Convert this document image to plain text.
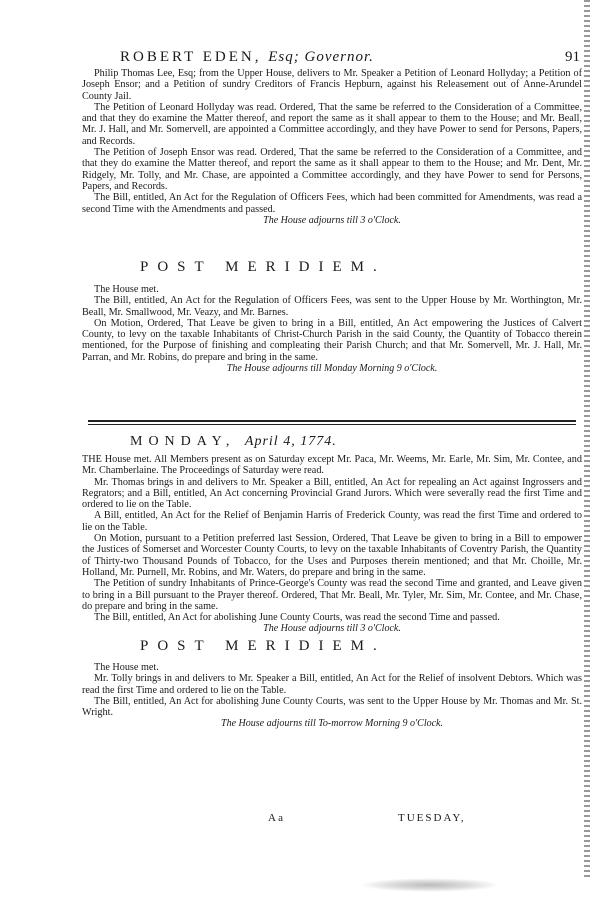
ROBERT EDEN, Esq; Governor.	91

Philip Thomas Lee, Esq; from the Upper House, delivers to Mr. Speaker a Petition of Leonard Hollyday; a Petition of Joseph Ensor; and a Petition of sundry Creditors of Francis Hepburn, against his Releasement out of Anne-Arundel County Jail.

The Petition of Leonard Hollyday was read. Ordered, That the same be referred to the Consideration of a Committee, and that they do examine the Matter thereof, and report the same as it shall appear to them to the House; and Mr. Beall, Mr. J. Hall, and Mr. Somervell, are appointed a Committee accordingly, and they have Power to send for Persons, Papers, and Records.

The Petition of Joseph Ensor was read. Ordered, That the same be referred to the Consideration of a Committee, and that they do examine the Matter thereof, and report the same as it shall appear to them to the House; and Mr. Dent, Mr. Ridgely, Mr. Tolly, and Mr. Chase, are appointed a Committee accordingly, and they have Power to send for Persons, Papers, and Records.

The Bill, entitled, An Act for the Regulation of Officers Fees, which had been committed for Amendments, was read a second Time with the Amendments and passed.

The House adjourns till 3 o'Clock.
POST MERIDIEM.

The House met.

The Bill, entitled, An Act for the Regulation of Officers Fees, was sent to the Upper House by Mr. Worthington, Mr. Beall, Mr. Smallwood, Mr. Veazy, and Mr. Barnes.

On Motion, Ordered, That Leave be given to bring in a Bill, entitled, An Act empowering the Justices of Calvert County, to levy on the taxable Inhabitants of Christ-Church Parish in the said County, the Quantity of Tobacco therein mentioned, for the Purpose of finishing and compleating their Parish Church; and that Mr. Somervell, Mr. J. Hall, Mr. Parran, and Mr. Robins, do prepare and bring in the same.

The House adjourns till Monday Morning 9 o'Clock.
MONDAY, April 4, 1774.

THE House met. All Members present as on Saturday except Mr. Paca, Mr. Weems, Mr. Earle, Mr. Sim, Mr. Contee, and Mr. Chamberlaine. The Proceedings of Saturday were read.

Mr. Thomas brings in and delivers to Mr. Speaker a Bill, entitled, An Act for repealing an Act against Ingrossers and Regrators; and a Bill, entitled, An Act concerning Provincial Grand Jurors. Which were severally read the first Time and ordered to lie on the Table.

A Bill, entitled, An Act for the Relief of Benjamin Harris of Frederick County, was read the first Time and ordered to lie on the Table.

On Motion, pursuant to a Petition preferred last Session, Ordered, That Leave be given to bring in a Bill to empower the Justices of Somerset and Worcester County Courts, to levy on the taxable Inhabitants of Coventry Parish, the Quantity of Thirty-two Thousand Pounds of Tobacco, for the Uses and Purposes therein mentioned; and that Mr. Choille, Mr. Holland, Mr. Purnell, Mr. Robins, and Mr. Waters, do prepare and bring in the same.

The Petition of sundry Inhabitants of Prince-George's County was read the second Time and granted, and Leave given to bring in a Bill pursuant to the Prayer thereof. Ordered, That Mr. Beall, Mr. Tyler, Mr. Sim, Mr. Contee, and Mr. Chase, do prepare and bring in the same.

The Bill, entitled, An Act for abolishing June County Courts, was read the second Time and passed.

The House adjourns till 3 o'Clock.
POST MERIDIEM.

The House met.

Mr. Tolly brings in and delivers to Mr. Speaker a Bill, entitled, An Act for the Relief of insolvent Debtors. Which was read the first Time and ordered to lie on the Table.

The Bill, entitled, An Act for abolishing June County Courts, was sent to the Upper House by Mr. Thomas and Mr. St. Wright.

The House adjourns till To-morrow Morning 9 o'Clock.
A a	TUESDAY,
